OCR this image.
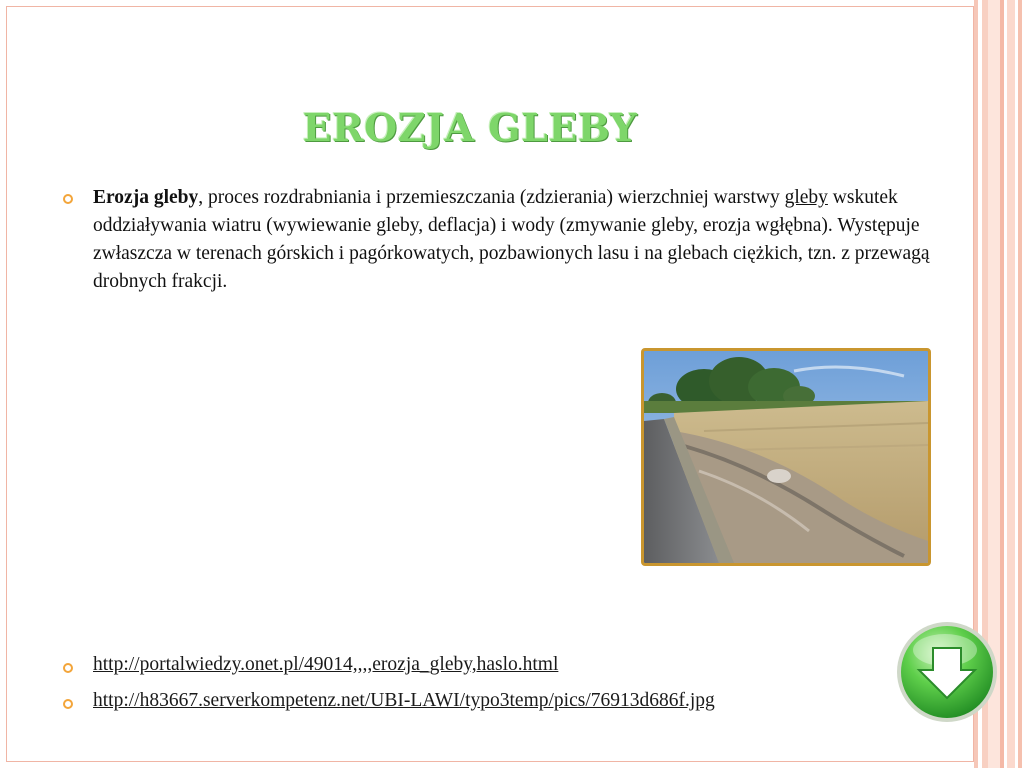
EROZJA GLEBY
Erozja gleby, proces rozdrabniania i przemieszczania (zdzierania) wierzchniej warstwy gleby wskutek oddziaływania wiatru (wywiewanie gleby, deflacja) i wody (zmywanie gleby, erozja wgłębna). Występuje zwłaszcza w terenach górskich i pagórkowatych, pozbawionych lasu i na glebach ciężkich, tzn. z przewagą drobnych frakcji.
http://portalwiedzy.onet.pl/49014,,,,erozja_gleby,haslo.html
http://h83667.serverkompetenz.net/UBI-LAWI/typo3temp/pics/76913d686f.jpg
